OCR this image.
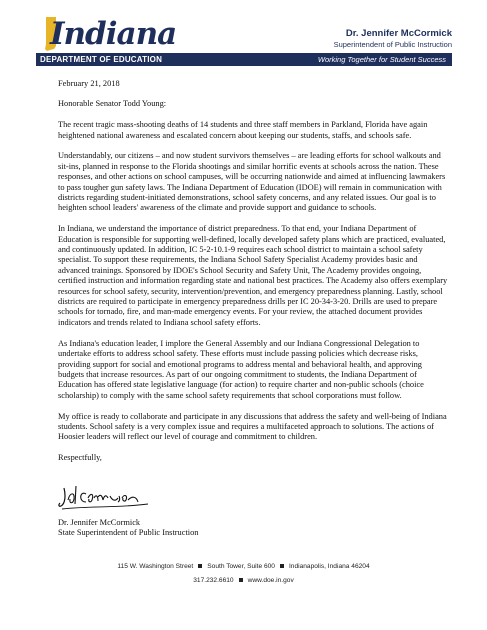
Indiana	Dr. Jennifer McCormick
Superintendent of Public Instruction
DEPARTMENT OF EDUCATION	Working Together for Student Success

February 21, 2018

Honorable Senator Todd Young:

The recent tragic mass-shooting deaths of 14 students and three staff members in Parkland, Florida have again heightened national awareness and escalated concern about keeping our students, staffs, and schools safe.

Understandably, our citizens – and now student survivors themselves – are leading efforts for school walkouts and sit-ins, planned in response to the Florida shootings and similar horrific events at schools across the nation. These responses, and other actions on school campuses, will be occurring nationwide and aimed at influencing lawmakers to pass tougher gun safety laws. The Indiana Department of Education (IDOE) will remain in communication with districts regarding student-initiated demonstrations, school safety concerns, and any related issues. Our goal is to heighten school leaders' awareness of the climate and provide support and guidance to schools.

In Indiana, we understand the importance of district preparedness. To that end, your Indiana Department of Education is responsible for supporting well-defined, locally developed safety plans which are practiced, evaluated, and continuously updated. In addition, IC 5-2-10.1-9 requires each school district to maintain a school safety specialist. To support these requirements, the Indiana School Safety Specialist Academy provides basic and advanced trainings. Sponsored by IDOE's School Security and Safety Unit, The Academy provides ongoing, certified instruction and information regarding state and national best practices. The Academy also offers exemplary resources for school safety, security, intervention/prevention, and emergency preparedness planning. Lastly, school districts are required to participate in emergency preparedness drills per IC 20-34-3-20. Drills are used to prepare schools for tornado, fire, and man-made emergency events. For your review, the attached document provides indicators and trends related to Indiana school safety efforts.

As Indiana's education leader, I implore the General Assembly and our Indiana Congressional Delegation to undertake efforts to address school safety. These efforts must include passing policies which decrease risks, providing support for social and emotional programs to address mental and behavioral health, and approving budgets that increase resources. As part of our ongoing commitment to students, the Indiana Department of Education has offered state legislative language (for action) to require charter and non-public schools (choice scholarship) to comply with the same school safety requirements that school corporations must follow.

My office is ready to collaborate and participate in any discussions that address the safety and well-being of Indiana students. School safety is a very complex issue and requires a multifaceted approach to solutions. The actions of Hoosier leaders will reflect our level of courage and commitment to children.

Respectfully,

Dr. Jennifer McCormick
State Superintendent of Public Instruction
115 W. Washington Street South Tower, Suite 600 Indianapolis, Indiana 46204
317.232.6610 www.doe.in.gov
